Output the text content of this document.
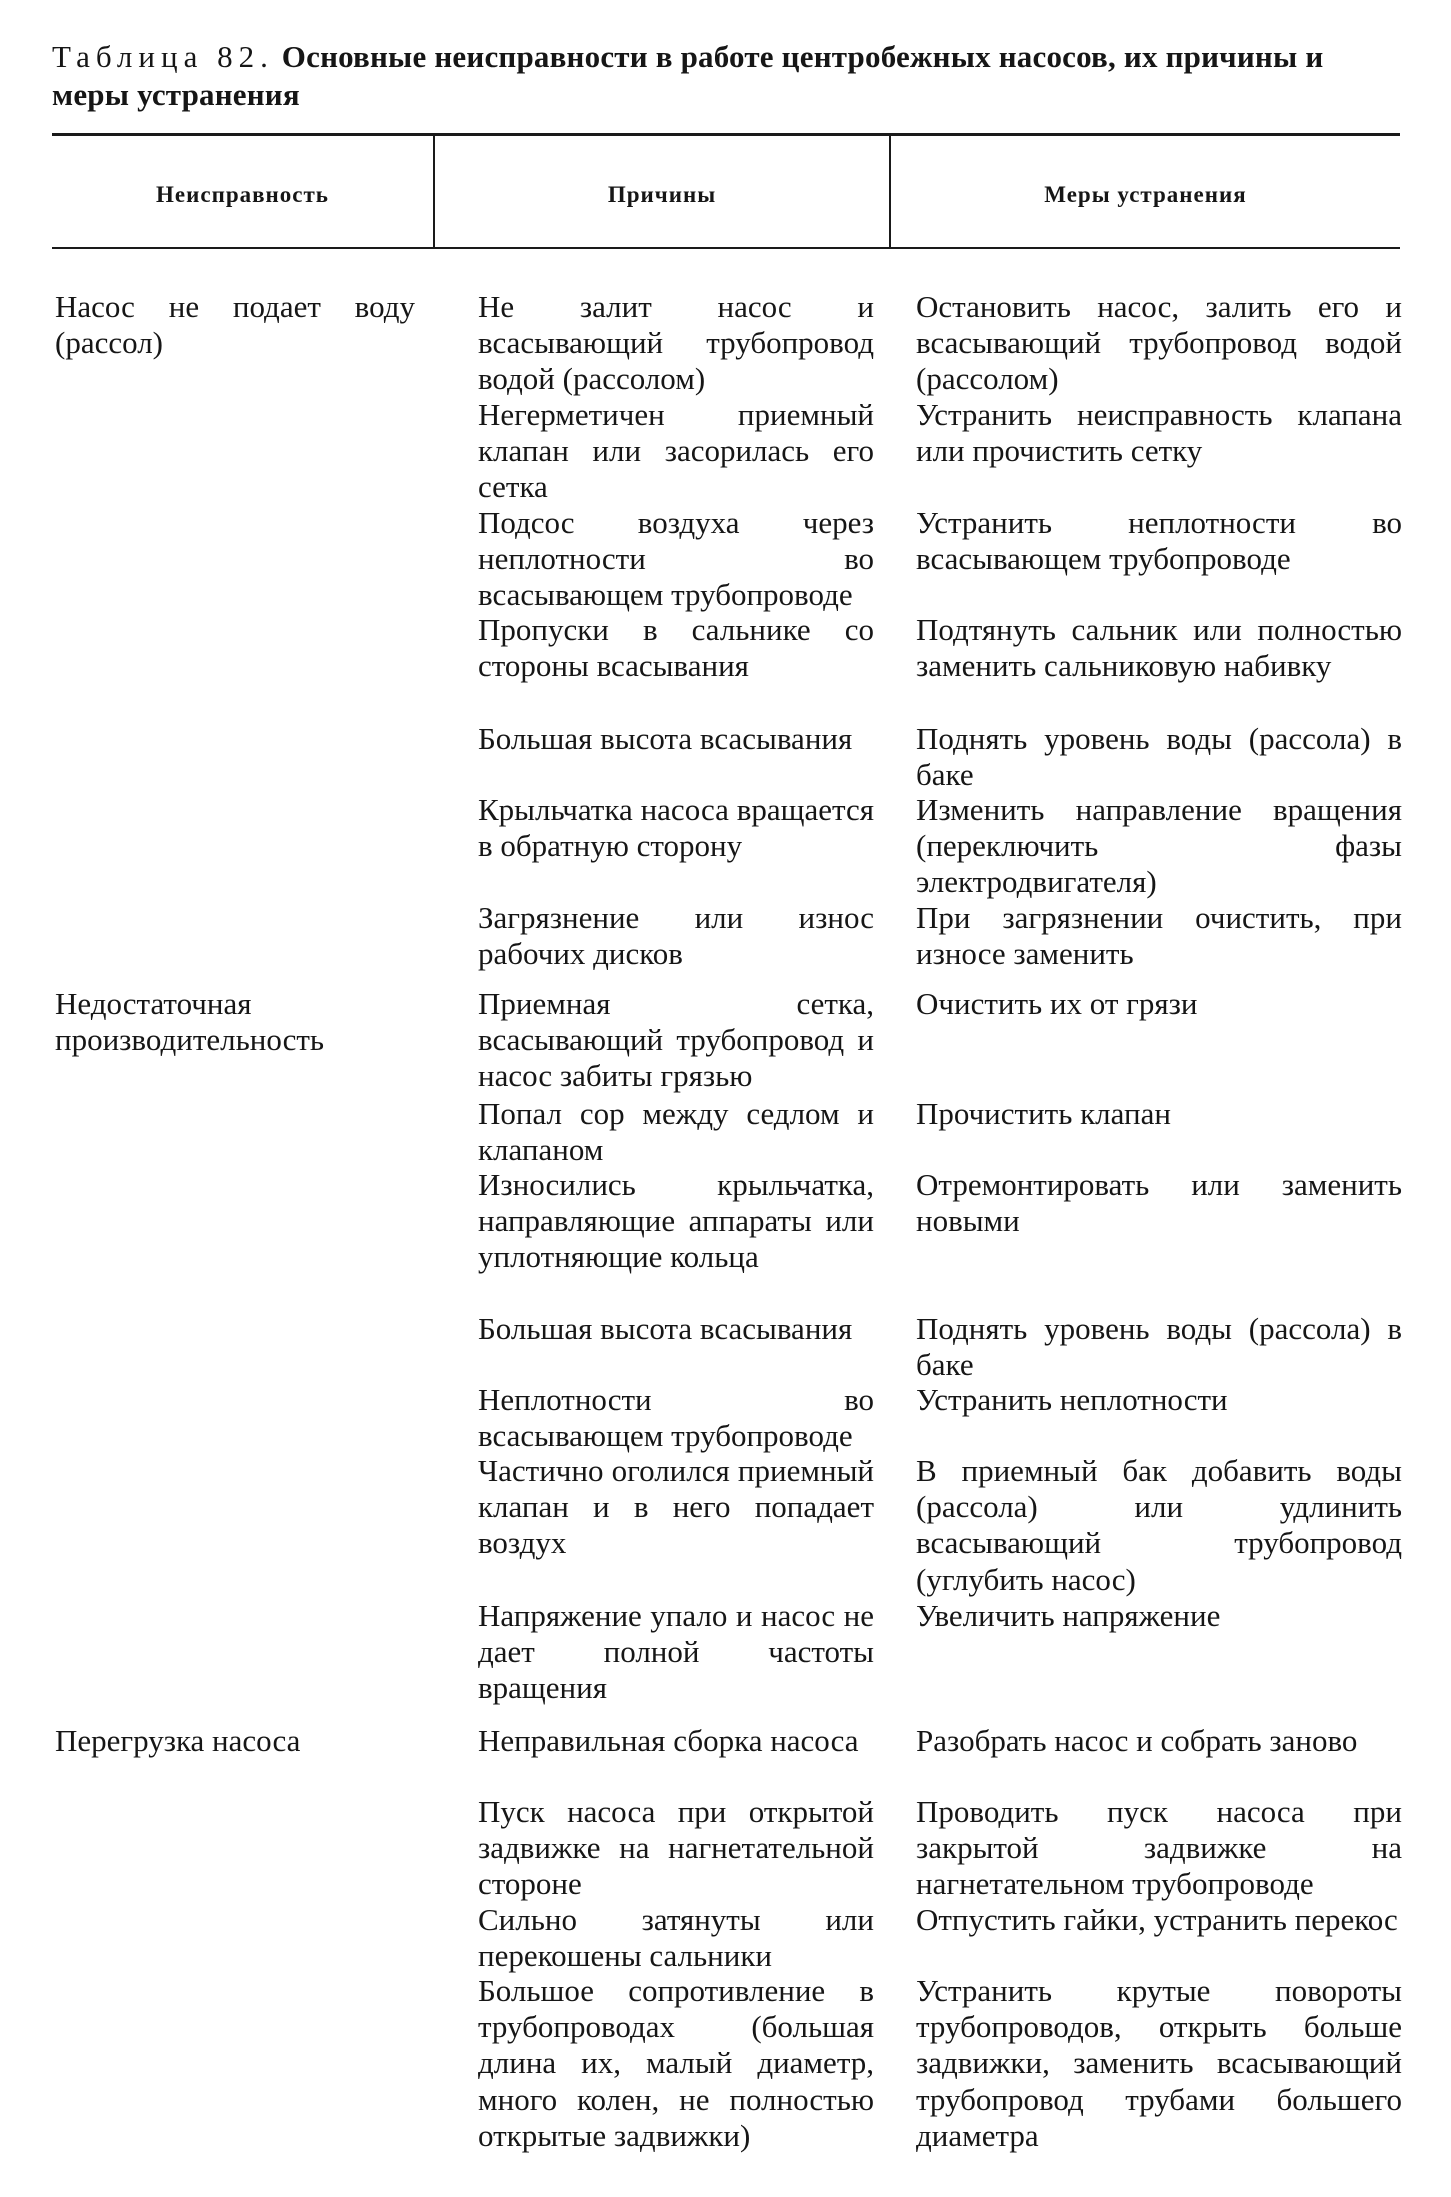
Таблица 82. Основные неисправности в работе центробежных насосов, их причины и меры устранения
Неисправность	Причины	Меры устранения
Насос не подает воду (рассол)
Недостаточная производительность
Перегрузка насоса
Не залит насос и всасывающий трубопровод водой (рассолом)
Негерметичен приемный клапан или засорилась его сетка
Подсос воздуха через неплотности во всасывающем трубопроводе
Пропуски в сальнике со стороны всасывания
Большая высота всасывания
Крыльчатка насоса вращается в обратную сторону
Загрязнение или износ рабочих дисков
Приемная сетка, всасывающий трубопровод и насос забиты грязью
Попал сор между седлом и клапаном
Износились крыльчатка, направляющие аппараты или уплотняющие кольца
Большая высота всасывания
Неплотности во всасывающем трубопроводе
Частично оголился приемный клапан и в него попадает воздух
Напряжение упало и насос не дает полной частоты вращения
Неправильная сборка насоса
Пуск насоса при открытой задвижке на нагнетательной стороне
Сильно затянуты или перекошены сальники
Большое сопротивление в трубопроводах (большая длина их, малый диаметр, много колен, не полностью открытые задвижки)
Остановить насос, залить его и всасывающий трубопровод водой (рассолом)
Устранить неисправность клапана или прочистить сетку
Устранить неплотности во всасывающем трубопроводе
Подтянуть сальник или полностью заменить сальниковую набивку
Поднять уровень воды (рассола) в баке
Изменить направление вращения (переключить фазы электродвигателя)
При загрязнении очистить, при износе заменить
Очистить их от грязи
Прочистить клапан
Отремонтировать или заменить новыми
Поднять уровень воды (рассола) в баке
Устранить неплотности
В приемный бак добавить воды (рассола) или удлинить всасывающий трубопровод (углубить насос)
Увеличить напряжение
Разобрать насос и собрать заново
Проводить пуск насоса при закрытой задвижке на нагнетательном трубопроводе
Отпустить гайки, устранить перекос
Устранить крутые повороты трубопроводов, открыть больше задвижки, заменить всасывающий трубопровод трубами большего диаметра
